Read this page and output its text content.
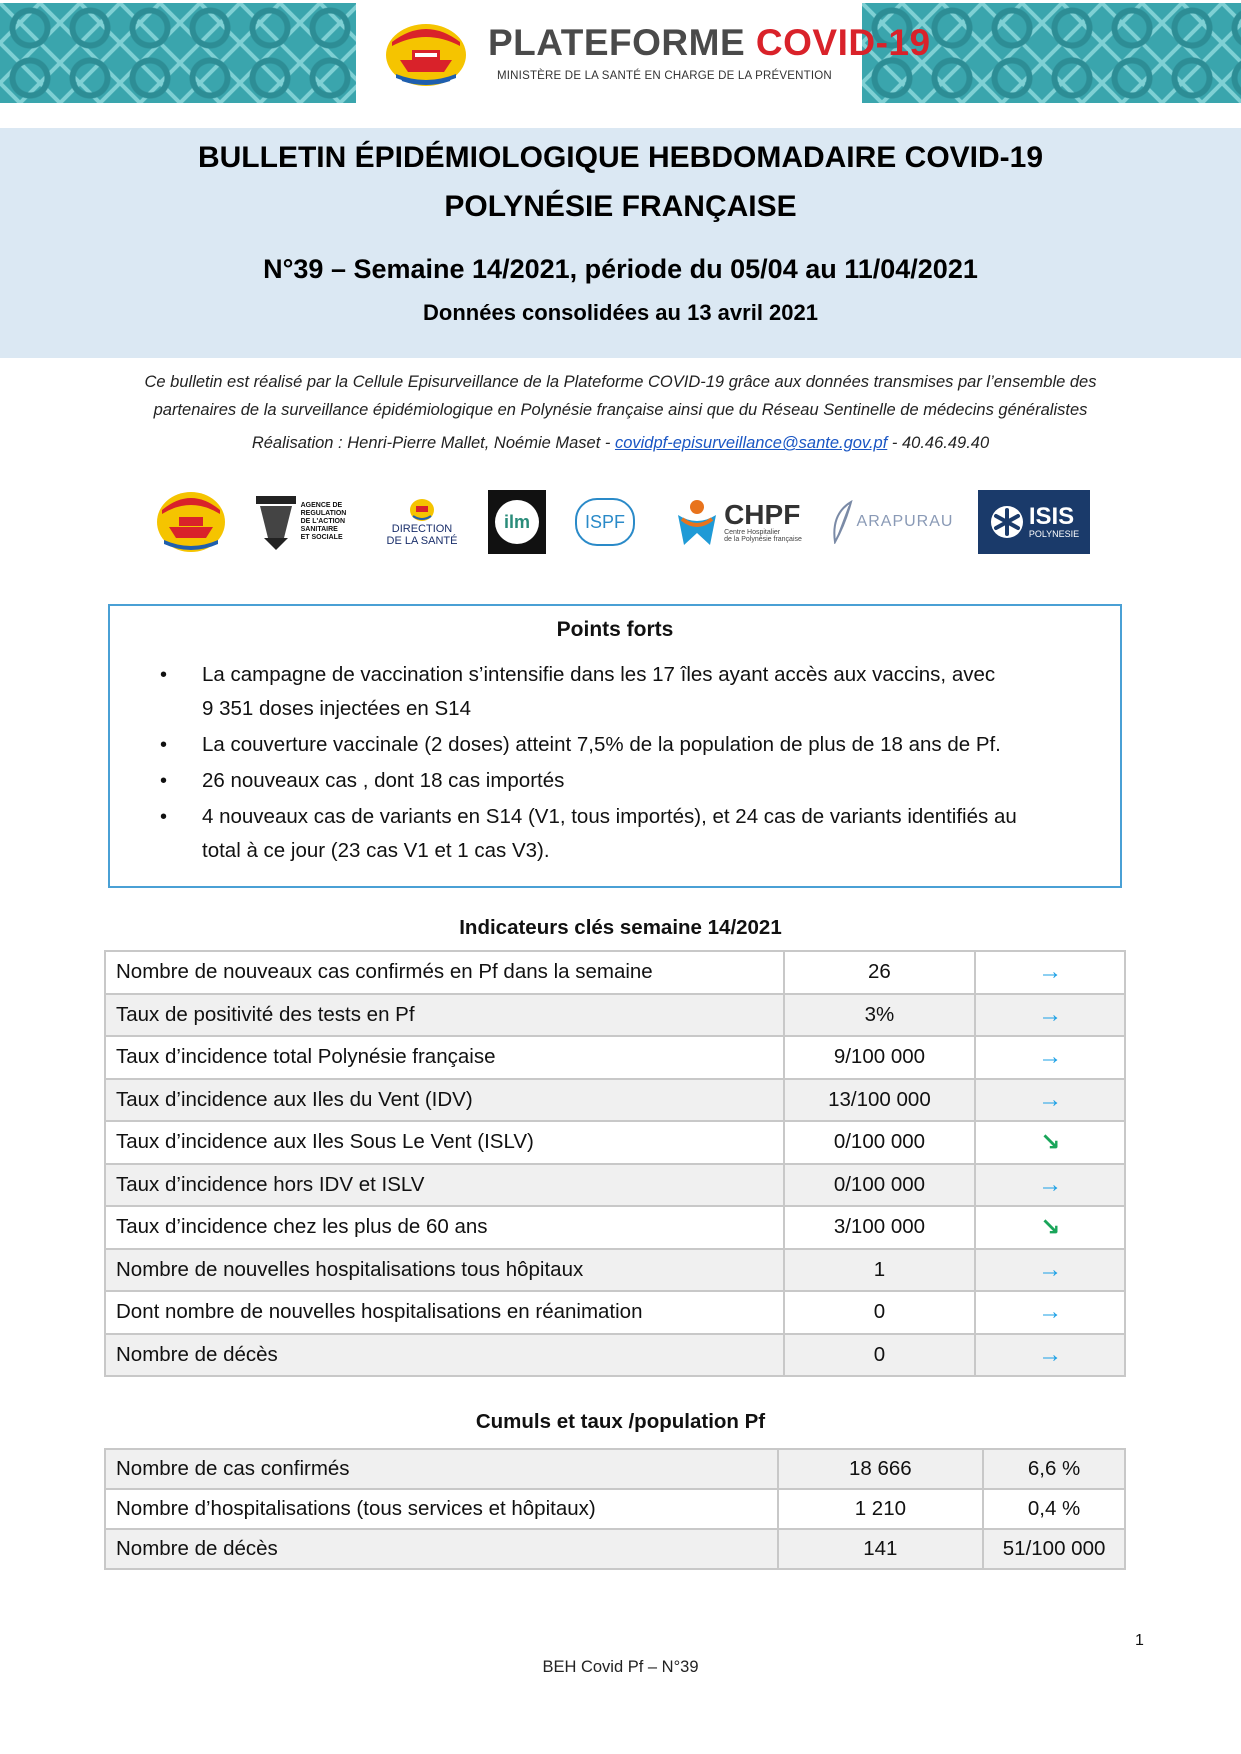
PLATEFORME COVID-19
MINISTÈRE DE LA SANTÉ EN CHARGE DE LA PRÉVENTION
BULLETIN ÉPIDÉMIOLOGIQUE HEBDOMADAIRE COVID-19
POLYNÉSIE FRANÇAISE
N°39 – Semaine 14/2021, période du 05/04 au 11/04/2021
Données consolidées au 13 avril 2021
Ce bulletin est réalisé par la Cellule Episurveillance de la Plateforme COVID-19 grâce aux données transmises par l’ensemble des
partenaires de la surveillance épidémiologique en Polynésie française ainsi que du Réseau Sentinelle de médecins généralistes
Réalisation : Henri-Pierre Mallet, Noémie Maset - covidpf-episurveillance@sante.gov.pf - 40.46.49.40
AGENCE DE
REGULATION
DE L'ACTION
SANITAIRE
ET SOCIALE
DIRECTION
DE LA SANTÉ
ilm	ISPF	CHPF
Centre Hospitalier
de la Polynésie française
ARAPURAU	ISIS
POLYNESIE
Points forts
• La campagne de vaccination s’intensifie dans les 17 îles ayant accès aux vaccins, avec
9 351 doses injectées en S14
• La couverture vaccinale (2 doses) atteint 7,5% de la population de plus de 18 ans de Pf.
• 26 nouveaux cas , dont 18 cas importés
• 4 nouveaux cas de variants en S14 (V1, tous importés), et 24 cas de variants identifiés au
total à ce jour (23 cas V1 et 1 cas V3).
Indicateurs clés semaine 14/2021
Nombre de nouveaux cas confirmés en Pf dans la semaine	26	→
Taux de positivité des tests en Pf	3%	→
Taux d’incidence total Polynésie française	9/100 000	→
Taux d’incidence aux Iles du Vent (IDV)	13/100 000	→
Taux d’incidence aux Iles Sous Le Vent (ISLV)	0/100 000	↘
Taux d’incidence hors IDV et ISLV	0/100 000	→
Taux d’incidence chez les plus de 60 ans	3/100 000	↘
Nombre de nouvelles hospitalisations tous hôpitaux	1	→
Dont nombre de nouvelles hospitalisations en réanimation	0	→
Nombre de décès	0	→
Cumuls et taux /population Pf
Nombre de cas confirmés	18 666	6,6 %
Nombre d’hospitalisations (tous services et hôpitaux)	1 210	0,4 %
Nombre de décès	141	51/100 000
1
BEH Covid Pf – N°39
